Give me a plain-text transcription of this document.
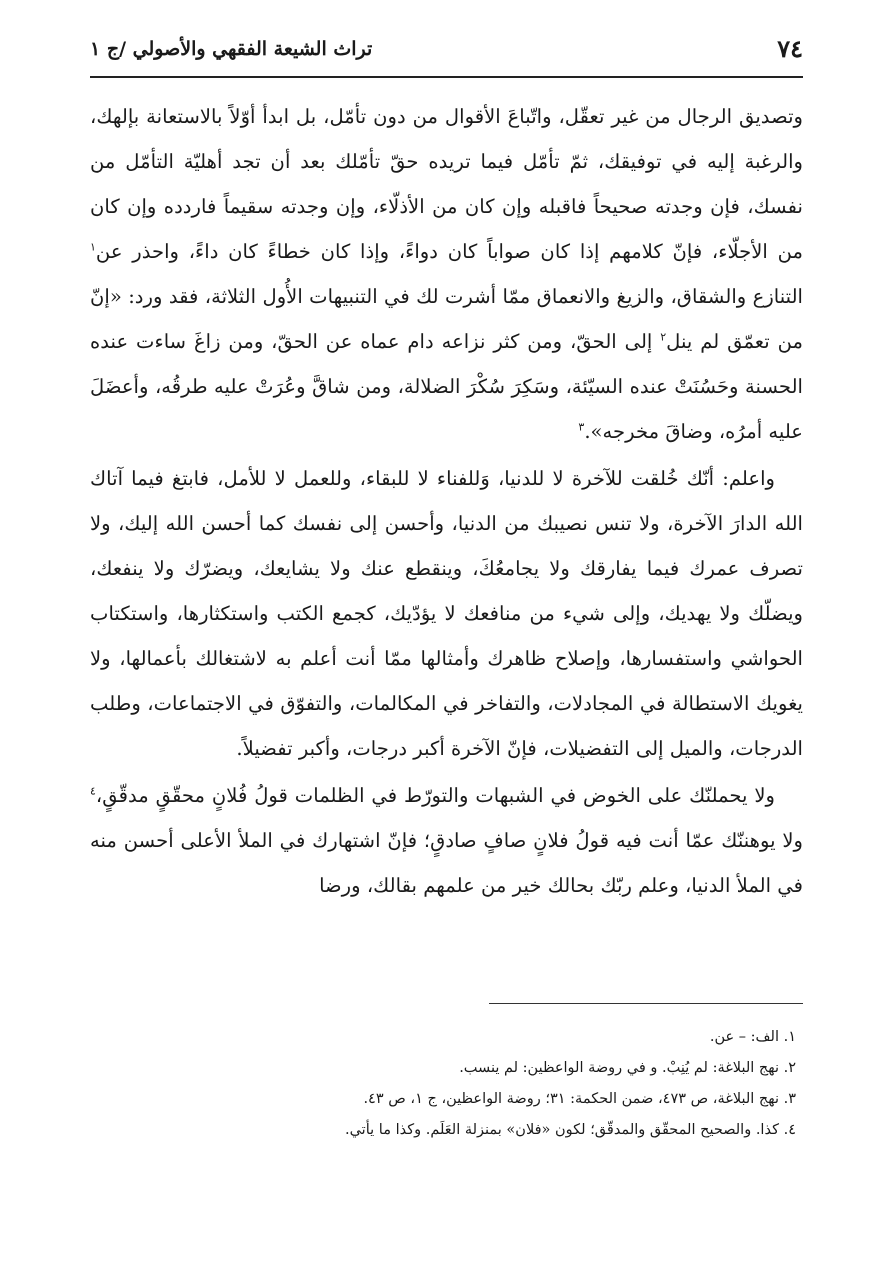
٧٤
تراث الشيعة الفقهي والأصولي /ج ١

وتصديق الرجال من غير تعقّل، واتّباعَ الأقوال من دون تأمّل، بل ابدأ أوّلاً بالاستعانة بإلهك، والرغبة إليه في توفيقك، ثمّ تأمّل فيما تريده حقّ تأمّلك بعد أن تجد أهليّة التأمّل من نفسك، فإن وجدته صحيحاً فاقبله وإن كان من الأذلّاء، وإن وجدته سقيماً فاردده وإن كان من الأجلّاء، فإنّ كلامهم إذا كان صواباً كان دواءً، وإذا كان خطاءً كان داءً، واحذر عن$^١$ التنازع والشقاق، والزيغ والانعماق ممّا أشرت لك في التنبيهات الأُول الثلاثة، فقد ورد: «إنّ من تعمّق لم ينل$^٢$ إلى الحقّ، ومن كثر نزاعه دام عماه عن الحقّ، ومن زاغَ ساءت عنده الحسنة وحَسُنَتْ عنده السيّئة، وسَكِرَ سُكْرَ الضلالة، ومن شاقَّ وعُرَتْ عليه طرقُه، وأعضَلَ عليه أمرُه، وضاقَ مخرجه».$^٣$

واعلم: أنّك خُلقت للآخرة لا للدنيا، وَللفناء لا للبقاء، وللعمل لا للأمل، فابتغ فيما آتاك الله الدارَ الآخرة، ولا تنس نصيبك من الدنيا، وأحسن إلى نفسك كما أحسن الله إليك، ولا تصرف عمرك فيما يفارقك ولا يجامعُكَ، وينقطع عنك ولا يشايعك، ويضرّك ولا ينفعك، ويضلّك ولا يهديك، وإلى شيء من منافعك لا يؤدّيك، كجمع الكتب واستكثارها، واستكتاب الحواشي واستفسارها، وإصلاح ظاهرك وأمثالها ممّا أنت أعلم به لاشتغالك بأعمالها، ولا يغويك الاستطالة في المجادلات، والتفاخر في المكالمات، والتفوّق في الاجتماعات، وطلب الدرجات، والميل إلى التفضيلات، فإنّ الآخرة أكبر درجات، وأكبر تفضيلاً.

ولا يحملنّك على الخوض في الشبهات والتورّط في الظلمات قولُ فُلانٍ محقّقٍ مدقّقٍ،$^٤$ ولا يوهننّك عمّا أنت فيه قولُ فلانٍ صافٍ صادقٍ؛ فإنّ اشتهارك في الملأ الأعلى أحسن منه في الملأ الدنيا، وعلم ربّك بحالك خير من علمهم بقالك، ورضا

١. الف: – عن.

٢. نهج البلاغة: لم يُنِبْ. و في روضة الواعظين: لم ينسب.

٣. نهج البلاغة، ص ٤٧٣، ضمن الحكمة: ٣١؛ روضة الواعظين، ج ١، ص ٤٣.

٤. كذا. والصحيح المحقّق والمدقّق؛ لكون «فلان» بمنزلة العَلَم. وكذا ما يأتي.
